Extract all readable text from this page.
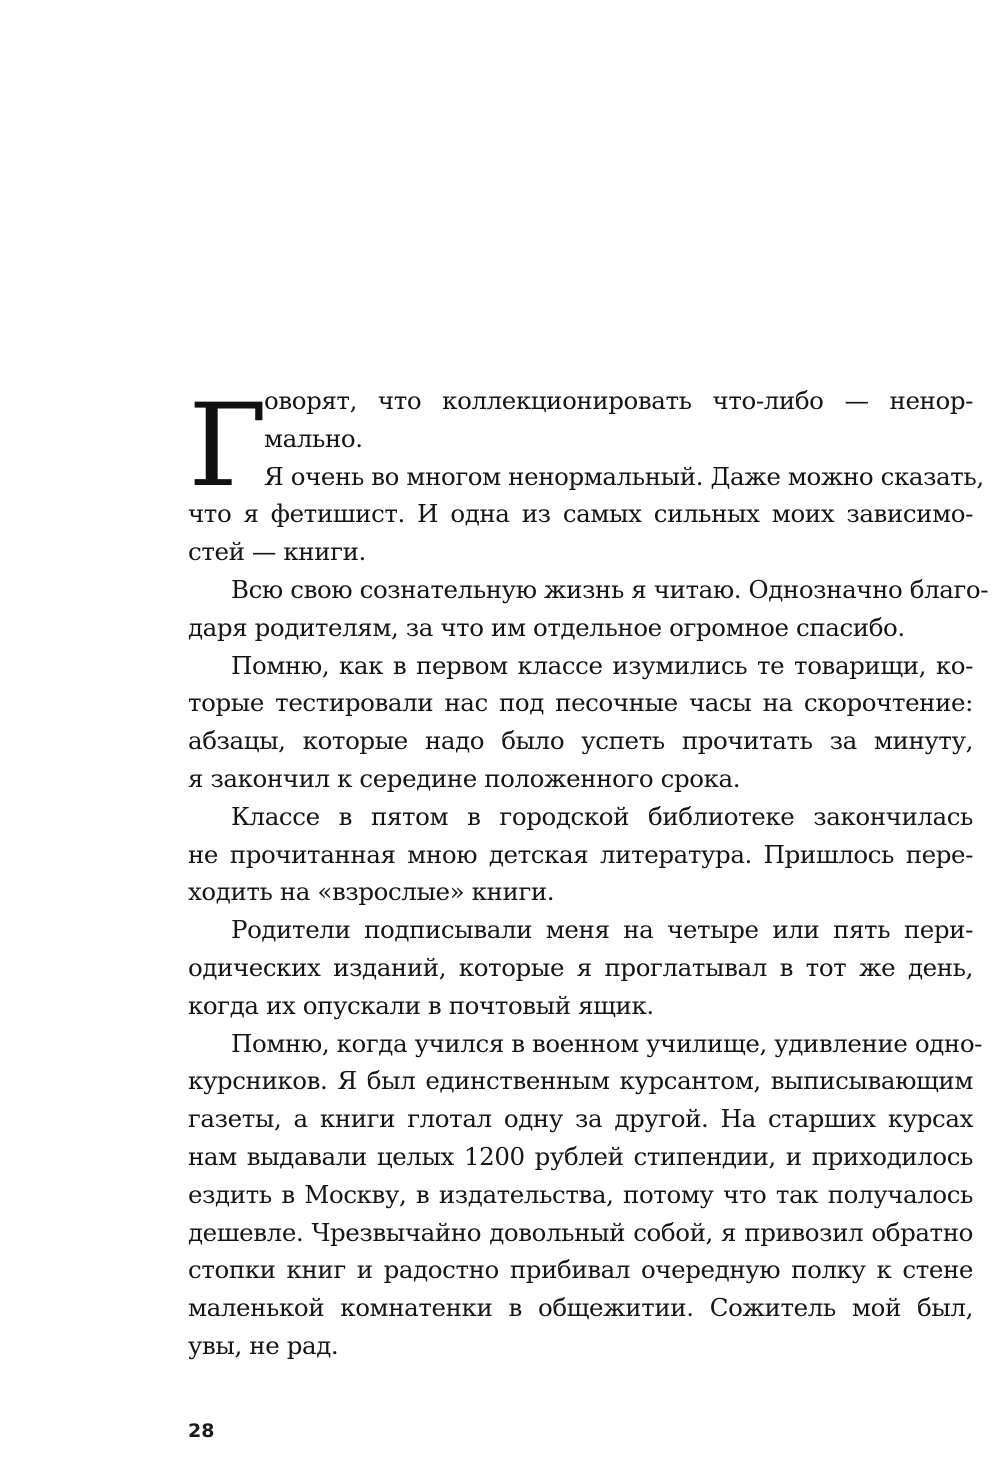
Г
оворят, что коллекционировать что-либо — ненор-
мально.
Я очень во многом ненормальный. Даже можно сказать,
что я фетишист. И одна из самых сильных моих зависимо-
стей — книги.
Всю свою сознательную жизнь я читаю. Однозначно благо-
даря родителям, за что им отдельное огромное спасибо.
Помню, как в первом классе изумились те товарищи, ко-
торые тестировали нас под песочные часы на скорочтение:
абзацы, которые надо было успеть прочитать за минуту,
я закончил к середине положенного срока.
Классе в пятом в городской библиотеке закончилась
не прочитанная мною детская литература. Пришлось пере-
ходить на «взрослые» книги.
Родители подписывали меня на четыре или пять пери-
одических изданий, которые я проглатывал в тот же день,
когда их опускали в почтовый ящик.
Помню, когда учился в военном училище, удивление одно-
курсников. Я был единственным курсантом, выписывающим
газеты, а книги глотал одну за другой. На старших курсах
нам выдавали целых 1200 рублей стипендии, и приходилось
ездить в Москву, в издательства, потому что так получалось
дешевле. Чрезвычайно довольный собой, я привозил обратно
стопки книг и радостно прибивал очередную полку к стене
маленькой комнатенки в общежитии. Сожитель мой был,
увы, не рад.
28
